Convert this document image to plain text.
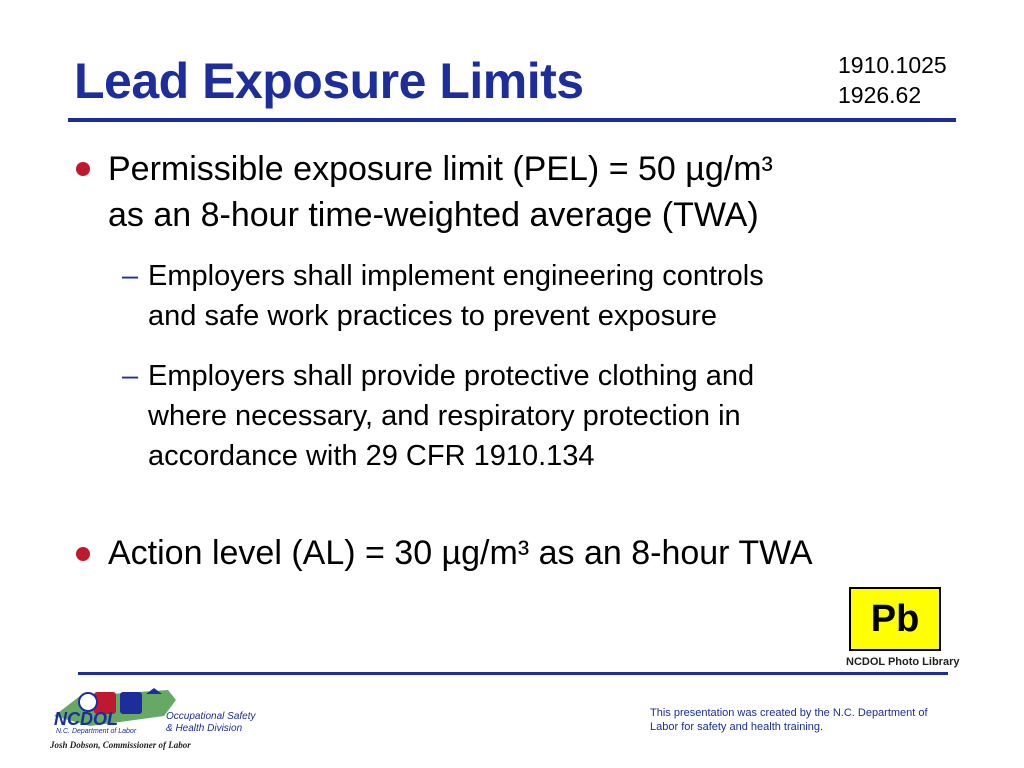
Lead Exposure Limits	1910.1025
1926.62
Permissible exposure limit (PEL) = 50 µg/m³
as an 8-hour time-weighted average (TWA)
– Employers shall implement engineering controls
and safe work practices to prevent exposure
– Employers shall provide protective clothing and
where necessary, and respiratory protection in
accordance with 29 CFR 1910.134
Action level (AL) = 30 µg/m³ as an 8-hour TWA
Pb
NCDOL Photo Library
NCDOL
N.C. Department of Labor
Occupational Safety
& Health Division
Josh Dobson, Commissioner of Labor
This presentation was created by the N.C. Department of Labor for safety and health training.
